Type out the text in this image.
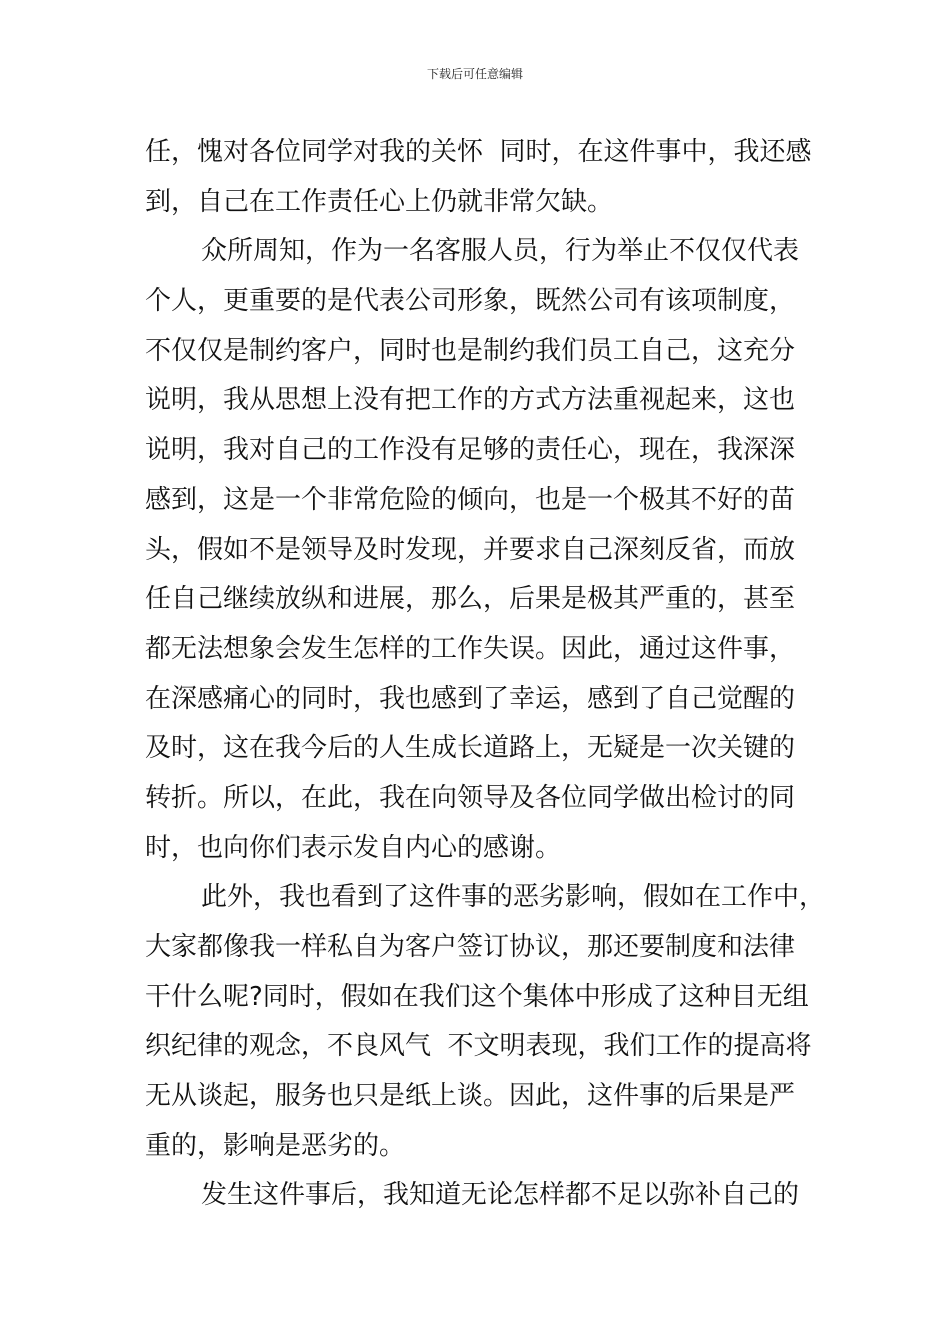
下载后可任意编辑
任，愧对各位同学对我的关怀  同时，在这件事中，我还感
到，自己在工作责任心上仍就非常欠缺。
众所周知，作为一名客服人员，行为举止不仅仅代表
个人，更重要的是代表公司形象，既然公司有该项制度，
不仅仅是制约客户，同时也是制约我们员工自己，这充分
说明，我从思想上没有把工作的方式方法重视起来，这也
说明，我对自己的工作没有足够的责任心，现在，我深深
感到，这是一个非常危险的倾向，也是一个极其不好的苗
头，假如不是领导及时发现，并要求自己深刻反省，而放
任自己继续放纵和进展，那么，后果是极其严重的，甚至
都无法想象会发生怎样的工作失误。因此，通过这件事，
在深感痛心的同时，我也感到了幸运，感到了自己觉醒的
及时，这在我今后的人生成长道路上，无疑是一次关键的
转折。所以，在此，我在向领导及各位同学做出检讨的同
时，也向你们表示发自内心的感谢。
此外，我也看到了这件事的恶劣影响，假如在工作中，
大家都像我一样私自为客户签订协议，那还要制度和法律
干什么呢?同时，假如在我们这个集体中形成了这种目无组
织纪律的观念，不良风气  不文明表现，我们工作的提高将
无从谈起，服务也只是纸上谈。因此，这件事的后果是严
重的，影响是恶劣的。
发生这件事后，我知道无论怎样都不足以弥补自己的
